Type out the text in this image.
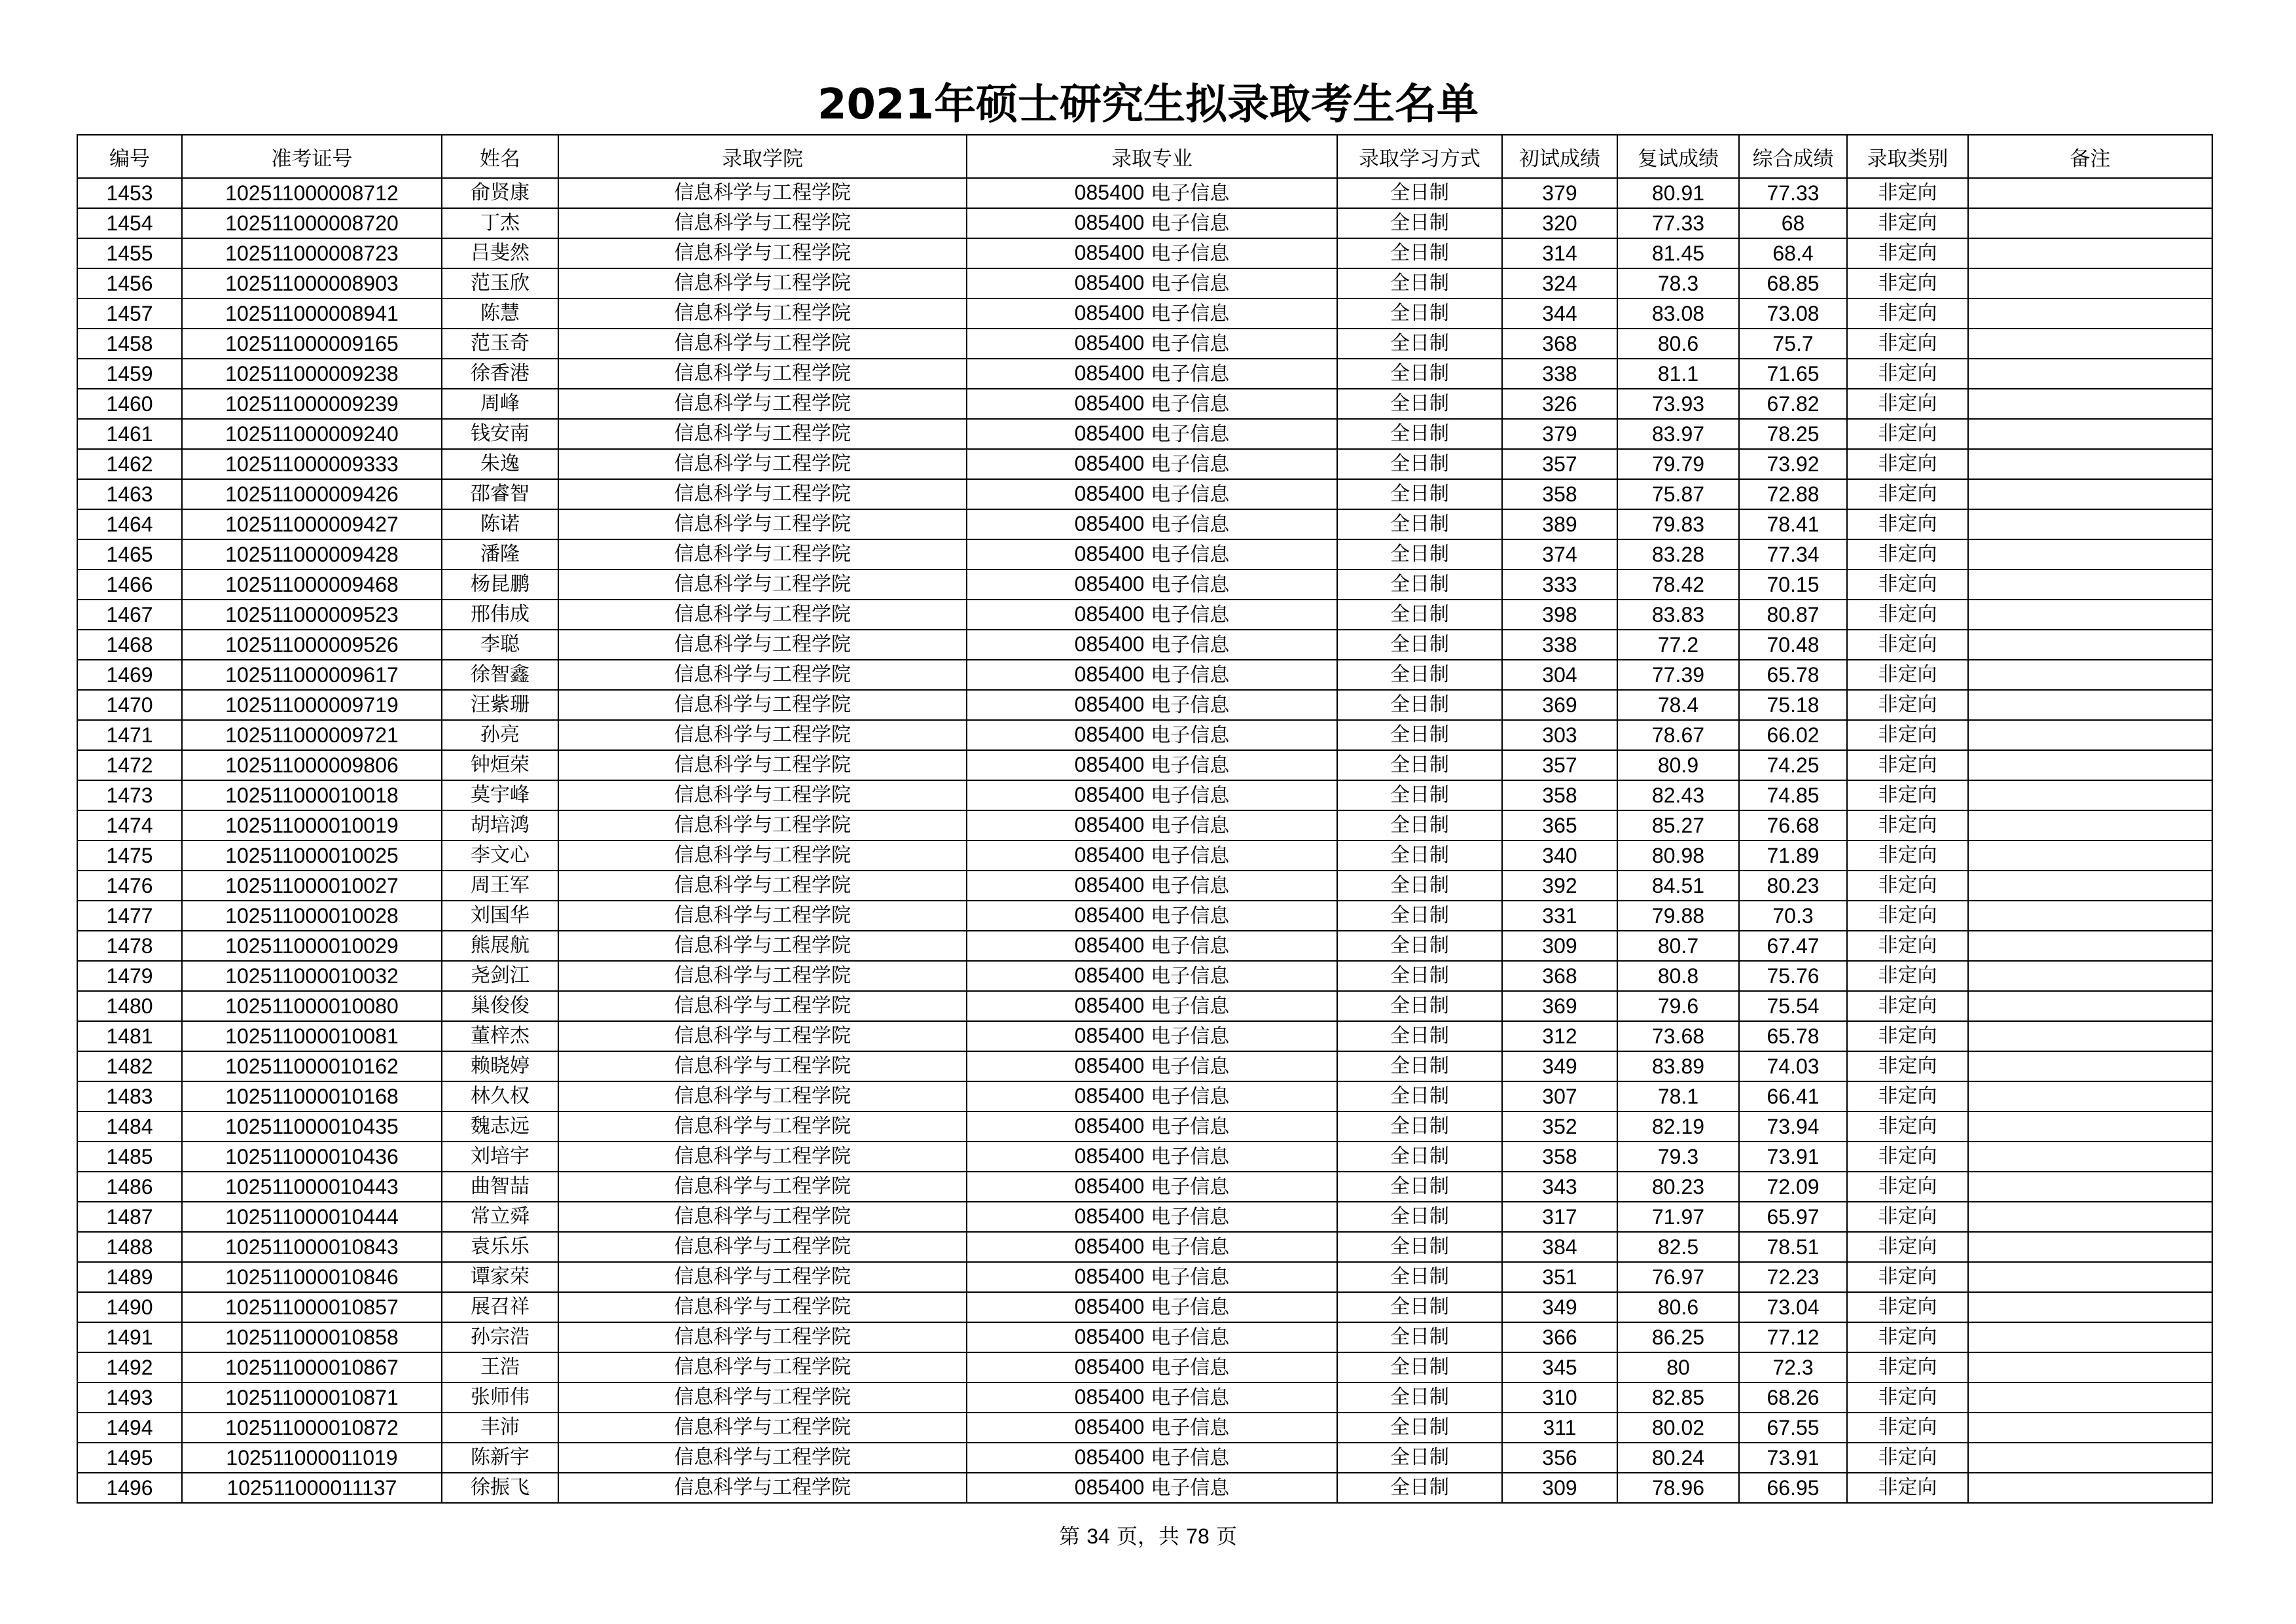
2021年硕士研究生拟录取考生名单
编号	准考证号	姓名	录取学院	录取专业	录取学习方式	初试成绩	复试成绩	综合成绩	录取类别	备注
1453	102511000008712	俞贤康	信息科学与工程学院	085400 电子信息	全日制	379	80.91	77.33	非定向	
1454	102511000008720	丁杰	信息科学与工程学院	085400 电子信息	全日制	320	77.33	68	非定向	
1455	102511000008723	吕斐然	信息科学与工程学院	085400 电子信息	全日制	314	81.45	68.4	非定向	
1456	102511000008903	范玉欣	信息科学与工程学院	085400 电子信息	全日制	324	78.3	68.85	非定向	
1457	102511000008941	陈慧	信息科学与工程学院	085400 电子信息	全日制	344	83.08	73.08	非定向	
1458	102511000009165	范玉奇	信息科学与工程学院	085400 电子信息	全日制	368	80.6	75.7	非定向	
1459	102511000009238	徐香港	信息科学与工程学院	085400 电子信息	全日制	338	81.1	71.65	非定向	
1460	102511000009239	周峰	信息科学与工程学院	085400 电子信息	全日制	326	73.93	67.82	非定向	
1461	102511000009240	钱安南	信息科学与工程学院	085400 电子信息	全日制	379	83.97	78.25	非定向	
1462	102511000009333	朱逸	信息科学与工程学院	085400 电子信息	全日制	357	79.79	73.92	非定向	
1463	102511000009426	邵睿智	信息科学与工程学院	085400 电子信息	全日制	358	75.87	72.88	非定向	
1464	102511000009427	陈诺	信息科学与工程学院	085400 电子信息	全日制	389	79.83	78.41	非定向	
1465	102511000009428	潘隆	信息科学与工程学院	085400 电子信息	全日制	374	83.28	77.34	非定向	
1466	102511000009468	杨昆鹏	信息科学与工程学院	085400 电子信息	全日制	333	78.42	70.15	非定向	
1467	102511000009523	邢伟成	信息科学与工程学院	085400 电子信息	全日制	398	83.83	80.87	非定向	
1468	102511000009526	李聪	信息科学与工程学院	085400 电子信息	全日制	338	77.2	70.48	非定向	
1469	102511000009617	徐智鑫	信息科学与工程学院	085400 电子信息	全日制	304	77.39	65.78	非定向	
1470	102511000009719	汪紫珊	信息科学与工程学院	085400 电子信息	全日制	369	78.4	75.18	非定向	
1471	102511000009721	孙亮	信息科学与工程学院	085400 电子信息	全日制	303	78.67	66.02	非定向	
1472	102511000009806	钟烜荣	信息科学与工程学院	085400 电子信息	全日制	357	80.9	74.25	非定向	
1473	102511000010018	莫宇峰	信息科学与工程学院	085400 电子信息	全日制	358	82.43	74.85	非定向	
1474	102511000010019	胡培鸿	信息科学与工程学院	085400 电子信息	全日制	365	85.27	76.68	非定向	
1475	102511000010025	李文心	信息科学与工程学院	085400 电子信息	全日制	340	80.98	71.89	非定向	
1476	102511000010027	周王军	信息科学与工程学院	085400 电子信息	全日制	392	84.51	80.23	非定向	
1477	102511000010028	刘国华	信息科学与工程学院	085400 电子信息	全日制	331	79.88	70.3	非定向	
1478	102511000010029	熊展航	信息科学与工程学院	085400 电子信息	全日制	309	80.7	67.47	非定向	
1479	102511000010032	尧剑江	信息科学与工程学院	085400 电子信息	全日制	368	80.8	75.76	非定向	
1480	102511000010080	巢俊俊	信息科学与工程学院	085400 电子信息	全日制	369	79.6	75.54	非定向	
1481	102511000010081	董梓杰	信息科学与工程学院	085400 电子信息	全日制	312	73.68	65.78	非定向	
1482	102511000010162	赖晓婷	信息科学与工程学院	085400 电子信息	全日制	349	83.89	74.03	非定向	
1483	102511000010168	林久权	信息科学与工程学院	085400 电子信息	全日制	307	78.1	66.41	非定向	
1484	102511000010435	魏志远	信息科学与工程学院	085400 电子信息	全日制	352	82.19	73.94	非定向	
1485	102511000010436	刘培宇	信息科学与工程学院	085400 电子信息	全日制	358	79.3	73.91	非定向	
1486	102511000010443	曲智喆	信息科学与工程学院	085400 电子信息	全日制	343	80.23	72.09	非定向	
1487	102511000010444	常立舜	信息科学与工程学院	085400 电子信息	全日制	317	71.97	65.97	非定向	
1488	102511000010843	袁乐乐	信息科学与工程学院	085400 电子信息	全日制	384	82.5	78.51	非定向	
1489	102511000010846	谭家荣	信息科学与工程学院	085400 电子信息	全日制	351	76.97	72.23	非定向	
1490	102511000010857	展召祥	信息科学与工程学院	085400 电子信息	全日制	349	80.6	73.04	非定向	
1491	102511000010858	孙宗浩	信息科学与工程学院	085400 电子信息	全日制	366	86.25	77.12	非定向	
1492	102511000010867	王浩	信息科学与工程学院	085400 电子信息	全日制	345	80	72.3	非定向	
1493	102511000010871	张师伟	信息科学与工程学院	085400 电子信息	全日制	310	82.85	68.26	非定向	
1494	102511000010872	丰沛	信息科学与工程学院	085400 电子信息	全日制	311	80.02	67.55	非定向	
1495	102511000011019	陈新宇	信息科学与工程学院	085400 电子信息	全日制	356	80.24	73.91	非定向	
1496	102511000011137	徐振飞	信息科学与工程学院	085400 电子信息	全日制	309	78.96	66.95	非定向	
第 34 页，共 78 页
